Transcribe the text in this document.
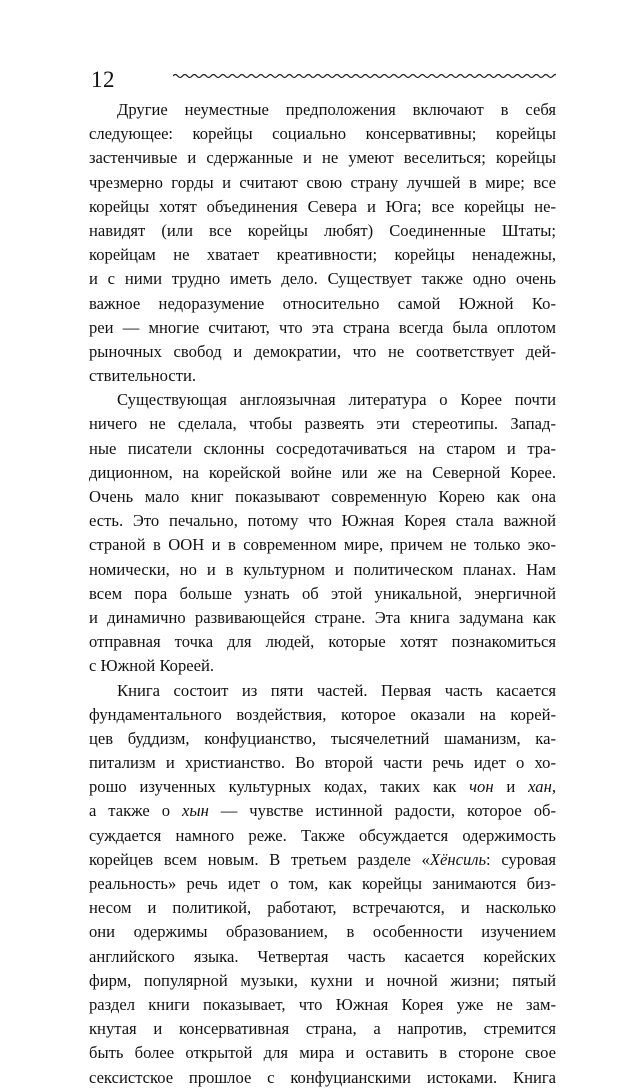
12
Другие неуместные предположения включают в себя
следующее: корейцы социально консервативны; корейцы
застенчивые и сдержанные и не умеют веселиться; корейцы
чрезмерно горды и считают свою страну лучшей в мире; все
корейцы хотят объединения Севера и Юга; все корейцы не-
навидят (или все корейцы любят) Соединенные Штаты;
корейцам не хватает креативности; корейцы ненадежны,
и с ними трудно иметь дело. Существует также одно очень
важное недоразумение относительно самой Южной Ко-
реи — многие считают, что эта страна всегда была оплотом
рыночных свобод и демократии, что не соответствует дей-
ствительности.
Существующая англоязычная литература о Корее почти
ничего не сделала, чтобы развеять эти стереотипы. Запад-
ные писатели склонны сосредотачиваться на старом и тра-
диционном, на корейской войне или же на Северной Корее.
Очень мало книг показывают современную Корею как она
есть. Это печально, потому что Южная Корея стала важной
страной в ООН и в современном мире, причем не только эко-
номически, но и в культурном и политическом планах. Нам
всем пора больше узнать об этой уникальной, энергичной
и динамично развивающейся стране. Эта книга задумана как
отправная точка для людей, которые хотят познакомиться
с Южной Кореей.
Книга состоит из пяти частей. Первая часть касается
фундаментального воздействия, которое оказали на корей-
цев буддизм, конфуцианство, тысячелетний шаманизм, ка-
питализм и христианство. Во второй части речь идет о хо-
рошо изученных культурных кодах, таких как чон и хан,
а также о хын — чувстве истинной радости, которое об-
суждается намного реже. Также обсуждается одержимость
корейцев всем новым. В третьем разделе «Хёнсиль: суровая
реальность» речь идет о том, как корейцы занимаются биз-
несом и политикой, работают, встречаются, и насколько
они одержимы образованием, в особенности изучением
английского языка. Четвертая часть касается корейских
фирм, популярной музыки, кухни и ночной жизни; пятый
раздел книги показывает, что Южная Корея уже не зам-
кнутая и консервативная страна, а напротив, стремится
быть более открытой для мира и оставить в стороне свое
сексистское прошлое с конфуцианскими истоками. Книга
